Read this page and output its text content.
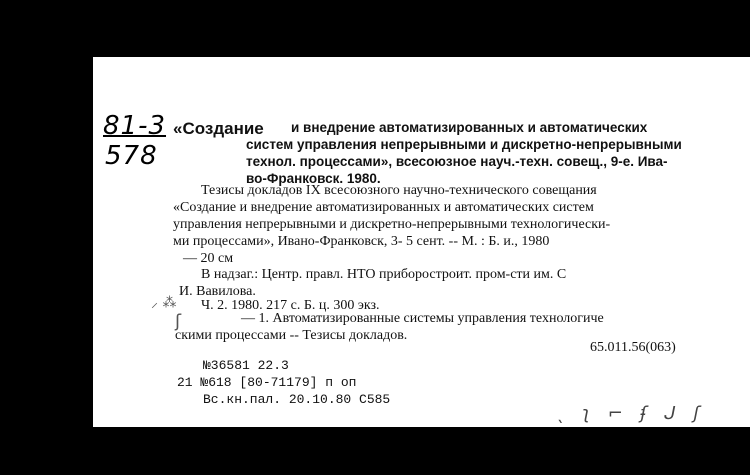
81-3
578
«Создание и внедрение автоматизированных и автоматических
систем управления непрерывными и дискретно-непрерывными
технол. процессами», всесоюзное науч.-техн. совещ., 9-е. Ива-
во-Франковск. 1980.
Тезисы докладов IX всесоюзного научно-технического совещания
«Создание и внедрение автоматизированных и автоматических систем
управления непрерывными и дискретно-непрерывными технологически-
ми процессами», Ивано-Франковск, 3- 5 сент. -- М. : Б. и., 1980
— 20 см
В надзаг.: Центр. правл. НТО приборостроит. пром-сти им. С
И. Вавилова.
⸝ ⁂ Ч. 2. 1980. 217 с. Б. ц. 300 экз.
ʃ	— 1. Автоматизированные системы управления технологиче
скими процессами -- Тезисы докладов.
65.011.56(063)
№36581 22.3
21 №618 [80-71179] п оп
Вс.кн.пал. 20.10.80 С585
ˎ ʅ ⌐ ʄ ᒍ ʃ
